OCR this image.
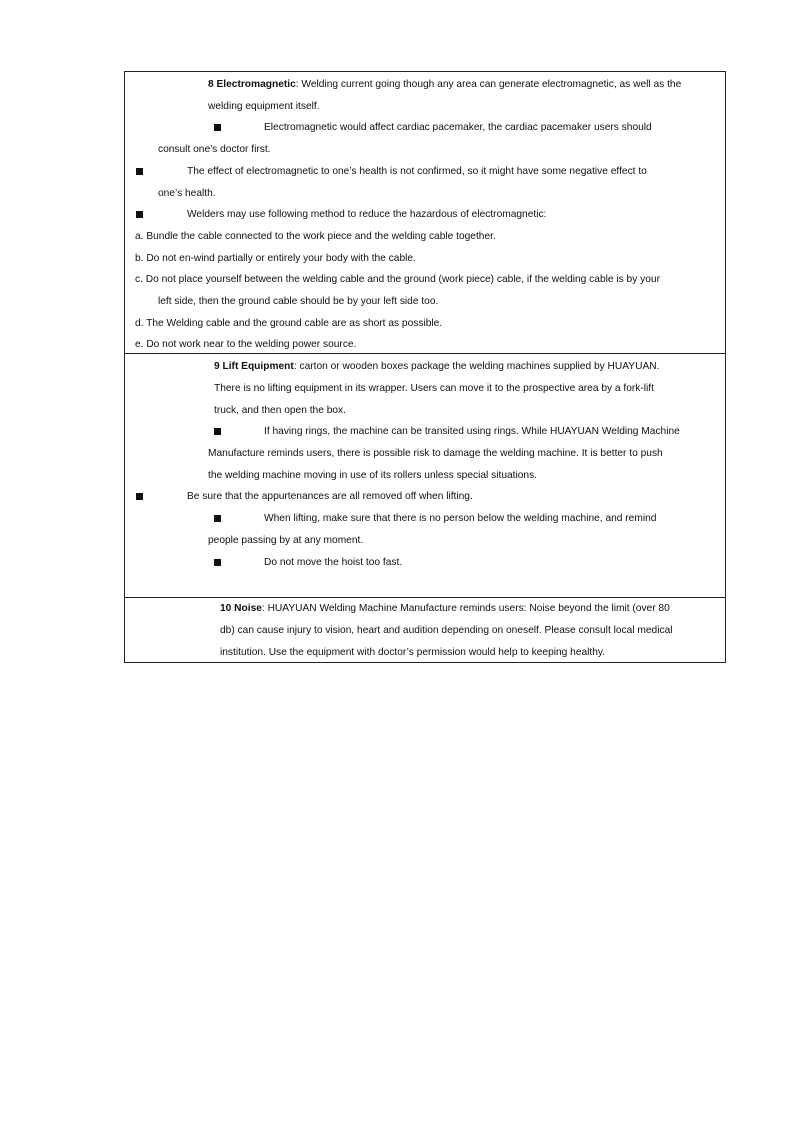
8 Electromagnetic: Welding current going though any area can generate electromagnetic, as well as the
welding equipment itself.
Electromagnetic would affect cardiac pacemaker, the cardiac pacemaker users should
consult one’s doctor first.
The effect of electromagnetic to one’s health is not confirmed, so it might have some negative effect to
one’s health.
Welders may use following method to reduce the hazardous of electromagnetic:
a. Bundle the cable connected to the work piece and the welding cable together.
b. Do not en-wind partially or entirely your body with the cable.
c. Do not place yourself between the welding cable and the ground (work piece) cable, if the welding cable is by your
left side, then the ground cable should be by your left side too.
d. The Welding cable and the ground cable are as short as possible.
e. Do not work near to the welding power source.
9 Lift Equipment: carton or wooden boxes package the welding machines supplied by HUAYUAN.
There is no lifting equipment in its wrapper. Users can move it to the prospective area by a fork-lift
truck, and then open the box.
If having rings, the machine can be transited using rings. While HUAYUAN Welding Machine
Manufacture reminds users, there is possible risk to damage the welding machine. It is better to push
the welding machine moving in use of its rollers unless special situations.
Be sure that the appurtenances are all removed off when lifting.
When lifting, make sure that there is no person below the welding machine, and remind
people passing by at any moment.
Do not move the hoist too fast.
10 Noise: HUAYUAN Welding Machine Manufacture reminds users: Noise beyond the limit (over 80
db) can cause injury to vision, heart and audition depending on oneself. Please consult local medical
institution. Use the equipment with doctor’s permission would help to keeping healthy.
